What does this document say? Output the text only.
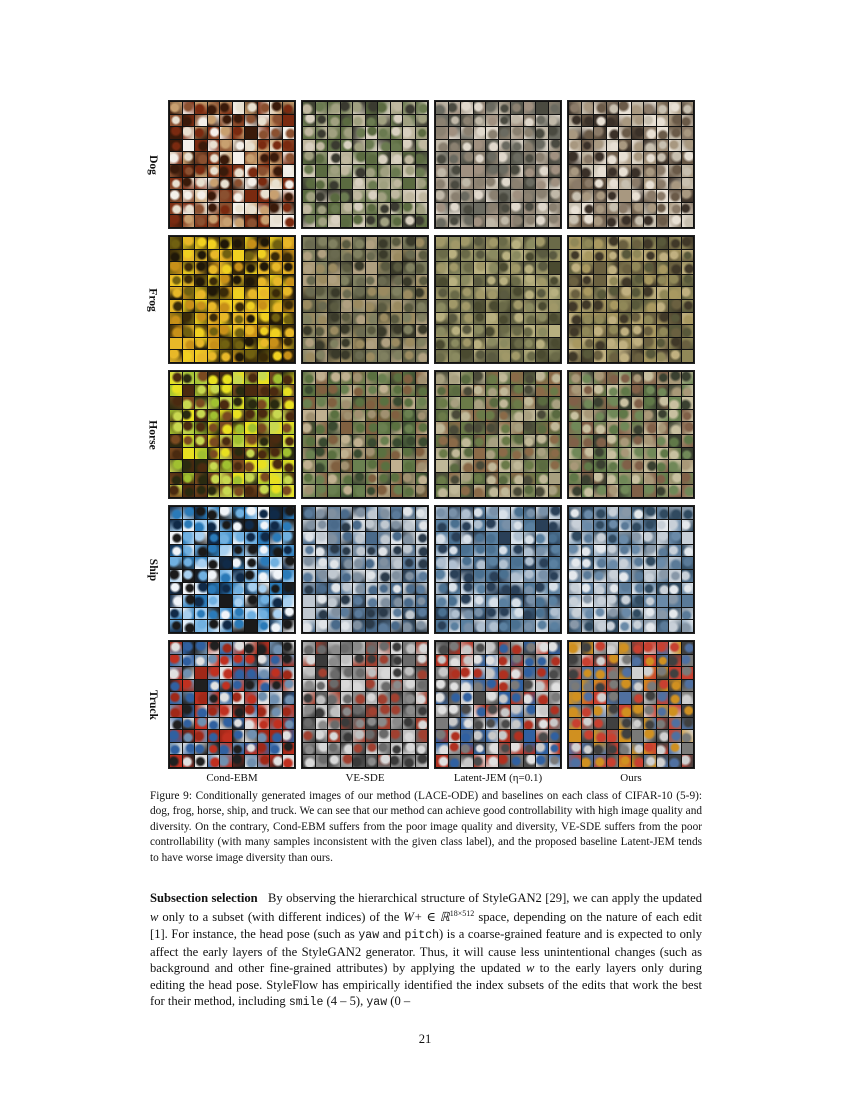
Dog
Frog
Horse
Ship
Truck
Cond-EBM	VE-SDE	Latent-JEM (η=0.1)	Ours
Figure 9: Conditionally generated images of our method (LACE-ODE) and baselines on each class of CIFAR-10 (5-9): dog, frog, horse, ship, and truck. We can see that our method can achieve good controllability with high image quality and diversity. On the contrary, Cond-EBM suffers from the poor image quality and diversity, VE-SDE suffers from the poor controllability (with many samples inconsistent with the given class label), and the proposed baseline Latent-JEM tends to have worse image diversity than ours.
Subsection selection By observing the hierarchical structure of StyleGAN2 [29], we can apply the updated w only to a subset (with different indices) of the W+ ∈ ℝ$^{18\times 512}$ space, depending on the nature of each edit [1]. For instance, the head pose (such as yaw and pitch) is a coarse-grained feature and is expected to only affect the early layers of the StyleGAN2 generator. Thus, it will cause less unintentional changes (such as background and other fine-grained attributes) by applying the updated w to the early layers only during editing the head pose. StyleFlow has empirically identified the index subsets of the edits that work the best for their method, including smile (4 – 5), yaw (0 –
21
